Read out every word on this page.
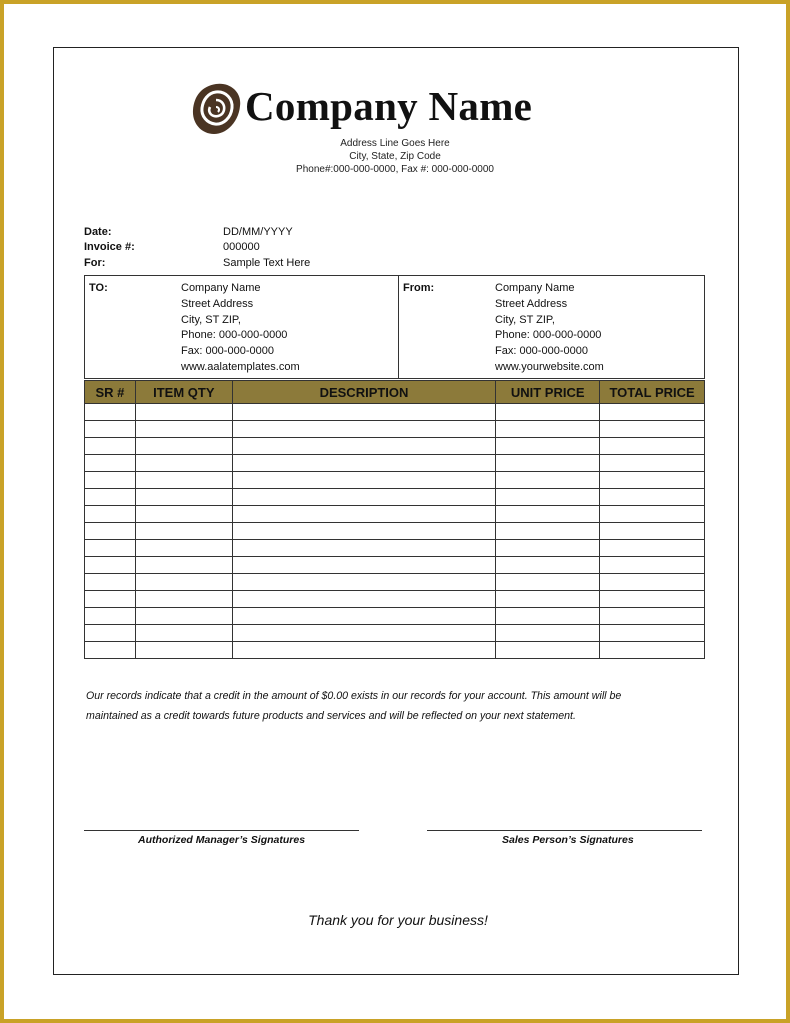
Company Name
Address Line Goes Here
City, State, Zip Code
Phone#:000-000-0000, Fax #: 000-000-0000
Date:	DD/MM/YYYY
Invoice #:	000000
For:	Sample Text Here
TO:	Company Name
Street Address
City, ST ZIP,
Phone: 000-000-0000
Fax: 000-000-0000
www.aalatemplates.com
From:	Company Name
Street Address
City, ST ZIP,
Phone: 000-000-0000
Fax: 000-000-0000
www.yourwebsite.com
SR #	ITEM QTY	DESCRIPTION	UNIT PRICE	TOTAL PRICE

Our records indicate that a credit in the amount of $0.00 exists in our records for your account. This amount will be
maintained as a credit towards future products and services and will be reflected on your next statement.
Authorized Manager’s Signatures	Sales Person’s Signatures
Thank you for your business!
